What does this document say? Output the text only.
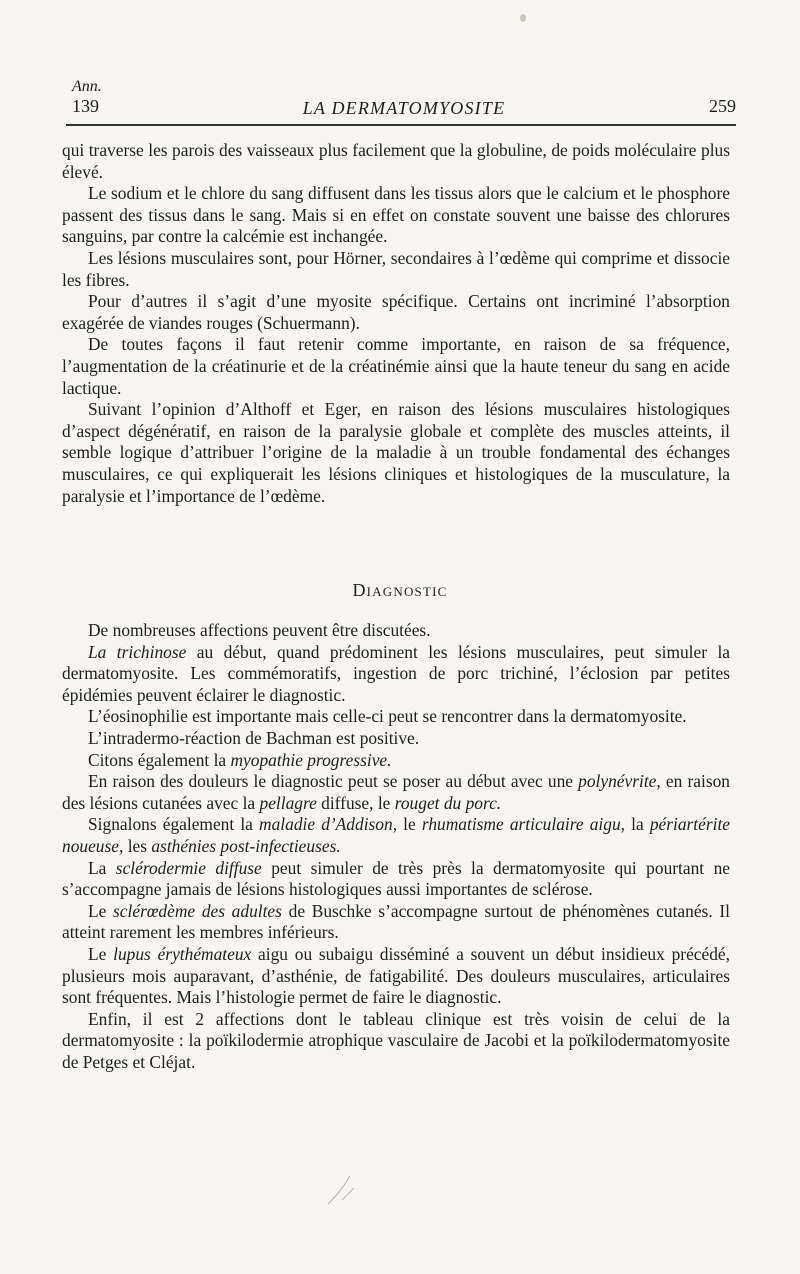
Ann.
139	LA DERMATOMYOSITE	259

qui traverse les parois des vaisseaux plus facilement que la globuline, de poids moléculaire plus élevé.

Le sodium et le chlore du sang diffusent dans les tissus alors que le calcium et le phosphore passent des tissus dans le sang. Mais si en effet on constate souvent une baisse des chlorures sanguins, par contre la calcémie est inchangée.

Les lésions musculaires sont, pour Hörner, secondaires à l’œdème qui comprime et dissocie les fibres.

Pour d’autres il s’agit d’une myosite spécifique. Certains ont incriminé l’absorption exagérée de viandes rouges (Schuermann).

De toutes façons il faut retenir comme importante, en raison de sa fréquence, l’augmentation de la créatinurie et de la créatinémie ainsi que la haute teneur du sang en acide lactique.

Suivant l’opinion d’Althoff et Eger, en raison des lésions musculaires histologiques d’aspect dégénératif, en raison de la paralysie globale et complète des muscles atteints, il semble logique d’attribuer l’origine de la maladie à un trouble fondamental des échanges musculaires, ce qui expliquerait les lésions cliniques et histologiques de la musculature, la paralysie et l’importance de l’œdème.

Diagnostic

De nombreuses affections peuvent être discutées.

La trichinose au début, quand prédominent les lésions musculaires, peut simuler la dermatomyosite. Les commémoratifs, ingestion de porc trichiné, l’éclosion par petites épidémies peuvent éclairer le diagnostic.

L’éosinophilie est importante mais celle-ci peut se rencontrer dans la dermatomyosite.

L’intradermo-réaction de Bachman est positive.

Citons également la myopathie progressive.

En raison des douleurs le diagnostic peut se poser au début avec une polynévrite, en raison des lésions cutanées avec la pellagre diffuse, le rouget du porc.

Signalons également la maladie d’Addison, le rhumatisme articulaire aigu, la périartérite noueuse, les asthénies post-infectieuses.

La sclérodermie diffuse peut simuler de très près la dermatomyosite qui pourtant ne s’accompagne jamais de lésions histologiques aussi importantes de sclérose.

Le sclérœdème des adultes de Buschke s’accompagne surtout de phénomènes cutanés. Il atteint rarement les membres inférieurs.

Le lupus érythémateux aigu ou subaigu disséminé a souvent un début insidieux précédé, plusieurs mois auparavant, d’asthénie, de fatigabilité. Des douleurs musculaires, articulaires sont fréquentes. Mais l’histologie permet de faire le diagnostic.

Enfin, il est 2 affections dont le tableau clinique est très voisin de celui de la dermatomyosite : la poïkilodermie atrophique vasculaire de Jacobi et la poïkilodermatomyosite de Petges et Cléjat.
